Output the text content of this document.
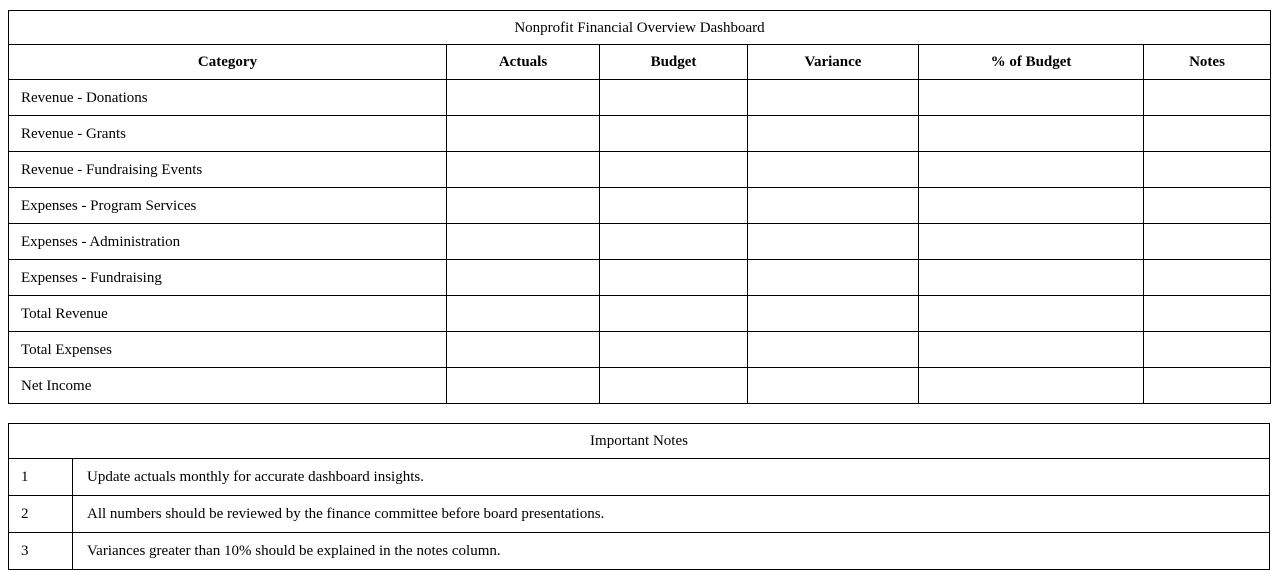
Nonprofit Financial Overview Dashboard					
Category	Actuals	Budget	Variance	% of Budget	Notes
Revenue - Donations					
Revenue - Grants					
Revenue - Fundraising Events					
Expenses - Program Services					
Expenses - Administration					
Expenses - Fundraising					
Total Revenue					
Total Expenses					
Net Income					
Important Notes	
1	Update actuals monthly for accurate dashboard insights.
2	All numbers should be reviewed by the finance committee before board presentations.
3	Variances greater than 10% should be explained in the notes column.
